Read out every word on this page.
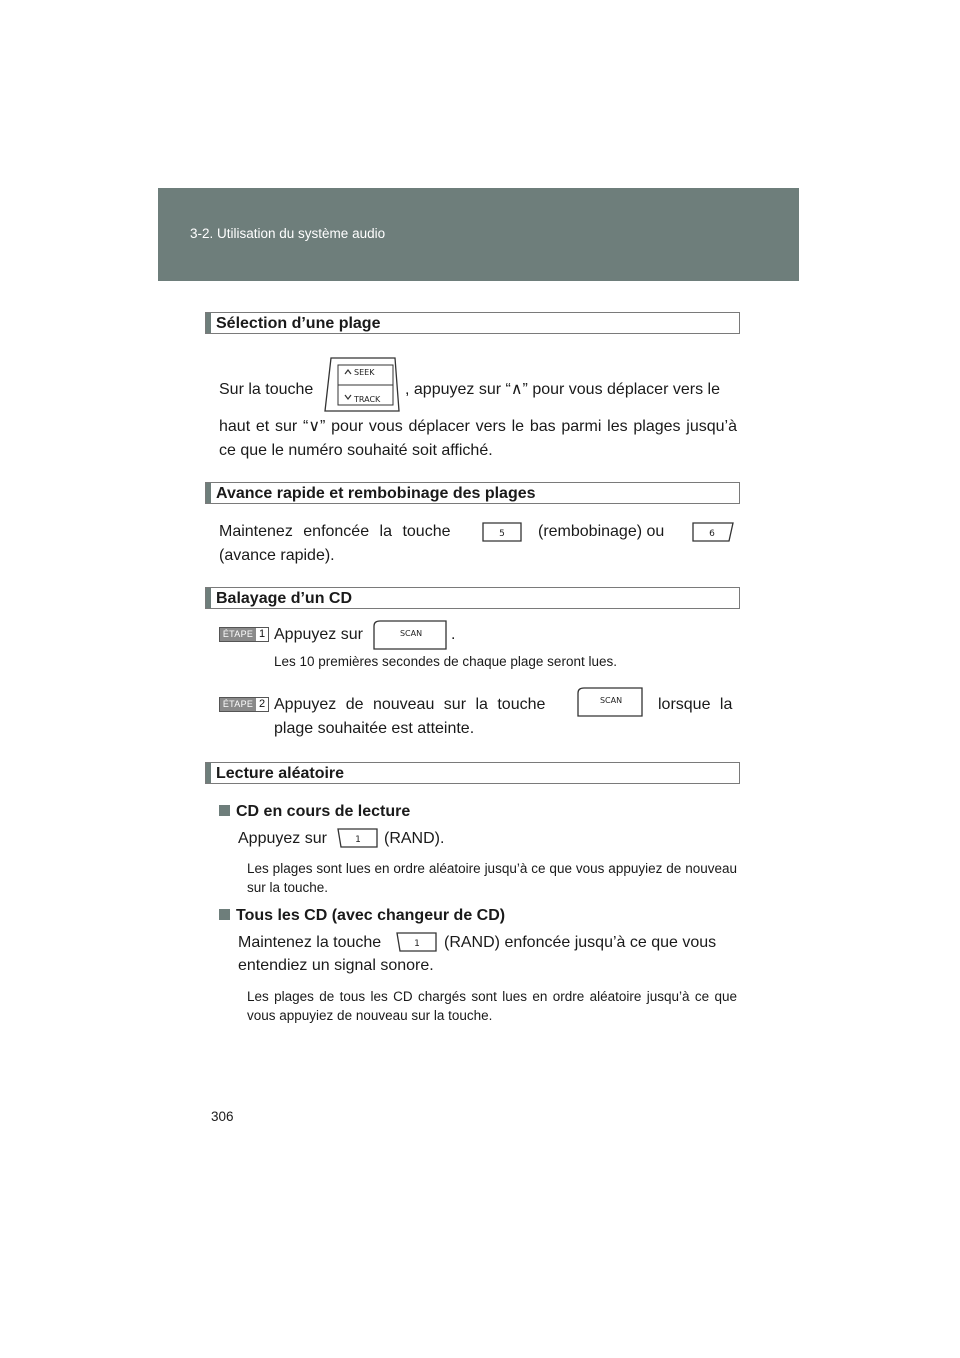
3-2. Utilisation du système audio
Sélection d’une plage
Sur la touche
SEEK
TRACK
, appuyez sur “∧” pour vous déplacer vers le
haut et sur “∨” pour vous déplacer vers le bas parmi les plages jusqu’à ce que le numéro souhaité soit affiché.
Avance rapide et rembobinage des plages
Maintenez enfoncée la touche	5 (rembobinage) ou	6
(avance rapide).
Balayage d’un CD
ÉTAPE 1 Appuyez sur	SCAN .
Les 10 premières secondes de chaque plage seront lues.
ÉTAPE 2 Appuyez de nouveau sur la touche	SCAN lorsque la
plage souhaitée est atteinte.
Lecture aléatoire
CD en cours de lecture
Appuyez sur	1 (RAND).
Les plages sont lues en ordre aléatoire jusqu’à ce que vous appuyiez de nouveau sur la touche.
Tous les CD (avec changeur de CD)
Maintenez la touche	1 (RAND) enfoncée jusqu’à ce que vous
entendiez un signal sonore.
Les plages de tous les CD chargés sont lues en ordre aléatoire jusqu’à ce que vous appuyiez de nouveau sur la touche.
306
